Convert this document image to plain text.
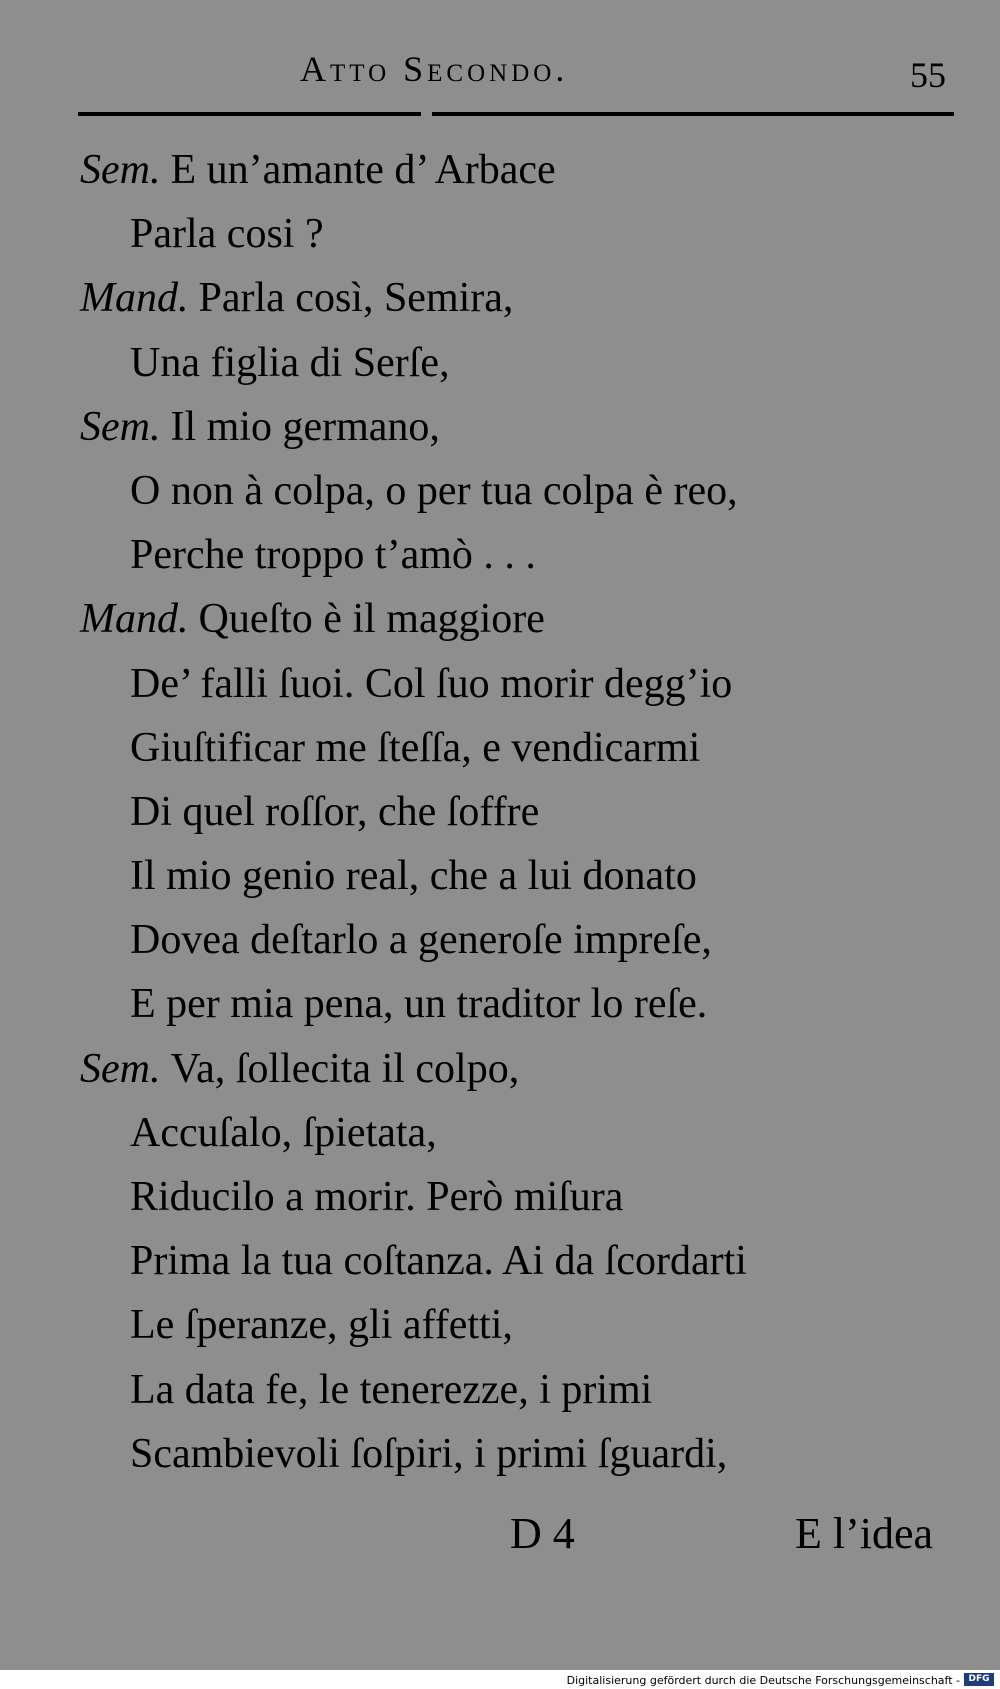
Atto Secondo.	55
Sem. E un’amante d’ Arbace
Parla cosi ?
Mand. Parla così, Semira,
Una figlia di Serſe,
Sem. Il mio germano,
O non à colpa, o per tua colpa è reo,
Perche troppo t’amò . . .
Mand. Queſto è il maggiore
De’ falli ſuoi. Col ſuo morir degg’io
Giuſtificar me ſteſſa, e vendicarmi
Di quel roſſor, che ſoffre
Il mio genio real, che a lui donato
Dovea deſtarlo a generoſe impreſe,
E per mia pena, un traditor lo reſe.
Sem. Va, ſollecita il colpo,
Accuſalo, ſpietata,
Riducilo a morir. Però miſura
Prima la tua coſtanza. Ai da ſcordarti
Le ſperanze, gli affetti,
La data fe, le tenerezze, i primi
Scambievoli ſoſpiri, i primi ſguardi,
D 4	E l’idea
Digitalisierung gefördert durch die Deutsche Forschungsgemeinschaft - DFG
